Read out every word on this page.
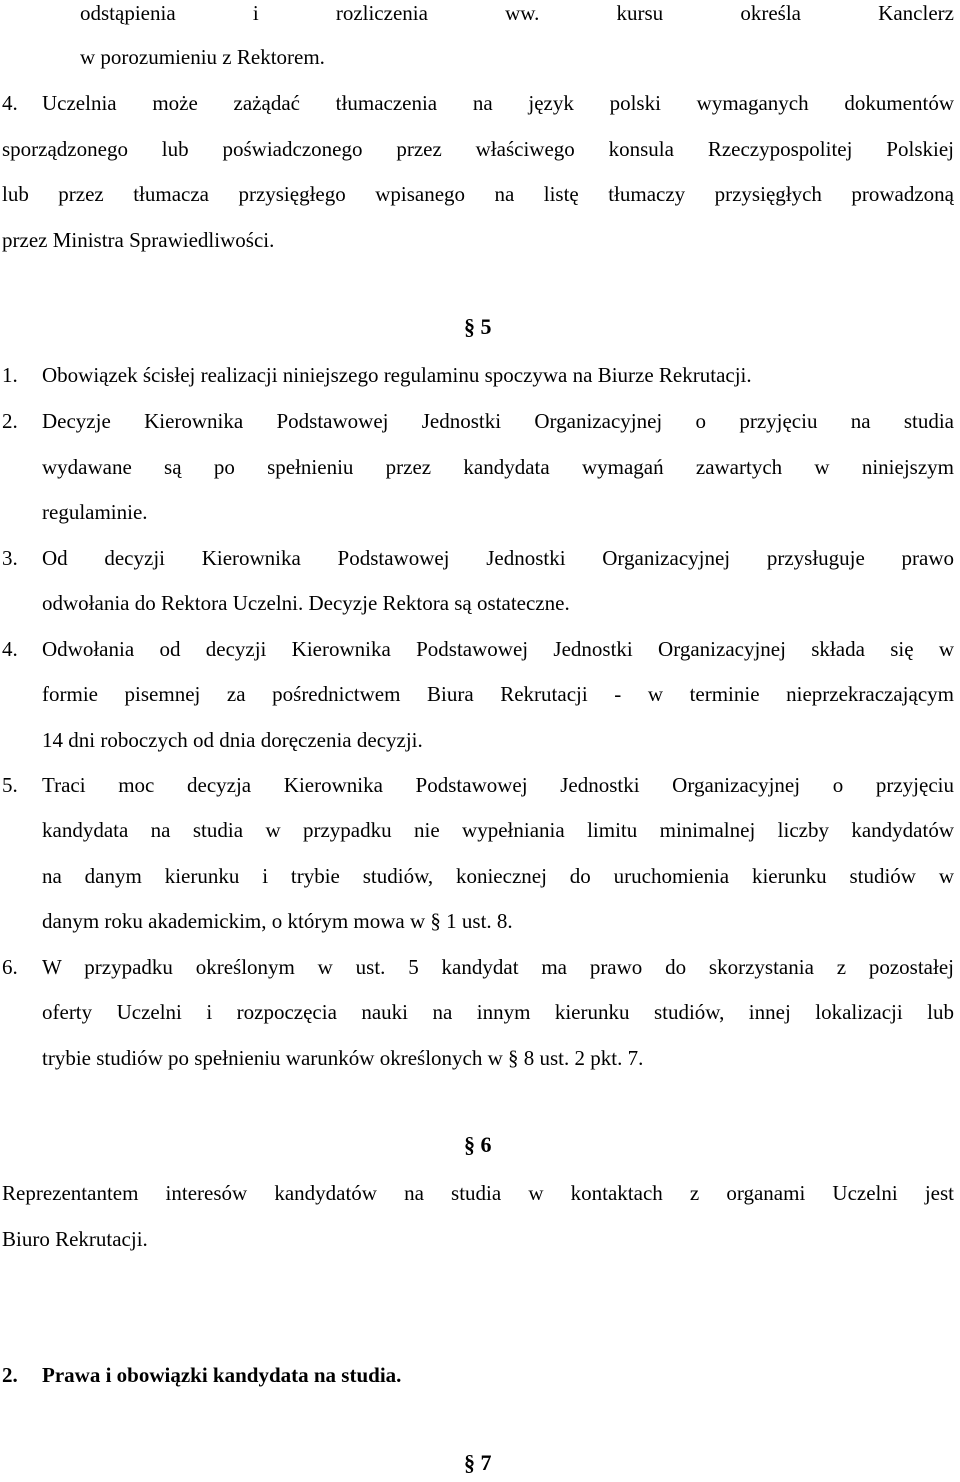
odstąpienia	i	rozliczenia	ww.	kursu	określa	Kanclerz
w porozumieniu z Rektorem.
4.	Uczelnia może zażądać tłumaczenia na język polski wymaganych dokumentów
sporządzonego lub poświadczonego przez właściwego konsula Rzeczypospolitej Polskiej
lub przez tłumacza przysięgłego wpisanego na listę tłumaczy przysięgłych prowadzoną
przez Ministra Sprawiedliwości.
§ 5
1.	Obowiązek ścisłej realizacji niniejszego regulaminu spoczywa na Biurze Rekrutacji.
2.	Decyzje Kierownika Podstawowej Jednostki Organizacyjnej o przyjęciu na studia
wydawane są po spełnieniu przez kandydata wymagań zawartych w niniejszym
regulaminie.
3.	Od decyzji Kierownika Podstawowej Jednostki Organizacyjnej przysługuje prawo
odwołania do Rektora Uczelni. Decyzje Rektora są ostateczne.
4.	Odwołania od decyzji Kierownika Podstawowej Jednostki Organizacyjnej składa się w
formie pisemnej za pośrednictwem Biura Rekrutacji - w terminie nieprzekraczającym
14 dni roboczych od dnia doręczenia decyzji.
5.	Traci moc decyzja Kierownika Podstawowej Jednostki Organizacyjnej o przyjęciu
kandydata na studia w przypadku nie wypełniania limitu minimalnej liczby kandydatów
na danym kierunku i trybie studiów, koniecznej do uruchomienia kierunku studiów w
danym roku akademickim, o którym mowa w § 1 ust. 8.
6.	W przypadku określonym w ust. 5 kandydat ma prawo do skorzystania z pozostałej
oferty Uczelni i rozpoczęcia nauki na innym kierunku studiów, innej lokalizacji lub
trybie studiów po spełnieniu warunków określonych w § 8 ust. 2 pkt. 7.
§ 6
Reprezentantem interesów kandydatów na studia w kontaktach z organami Uczelni jest
Biuro Rekrutacji.
2.	Prawa i obowiązki kandydata na studia.
§ 7
